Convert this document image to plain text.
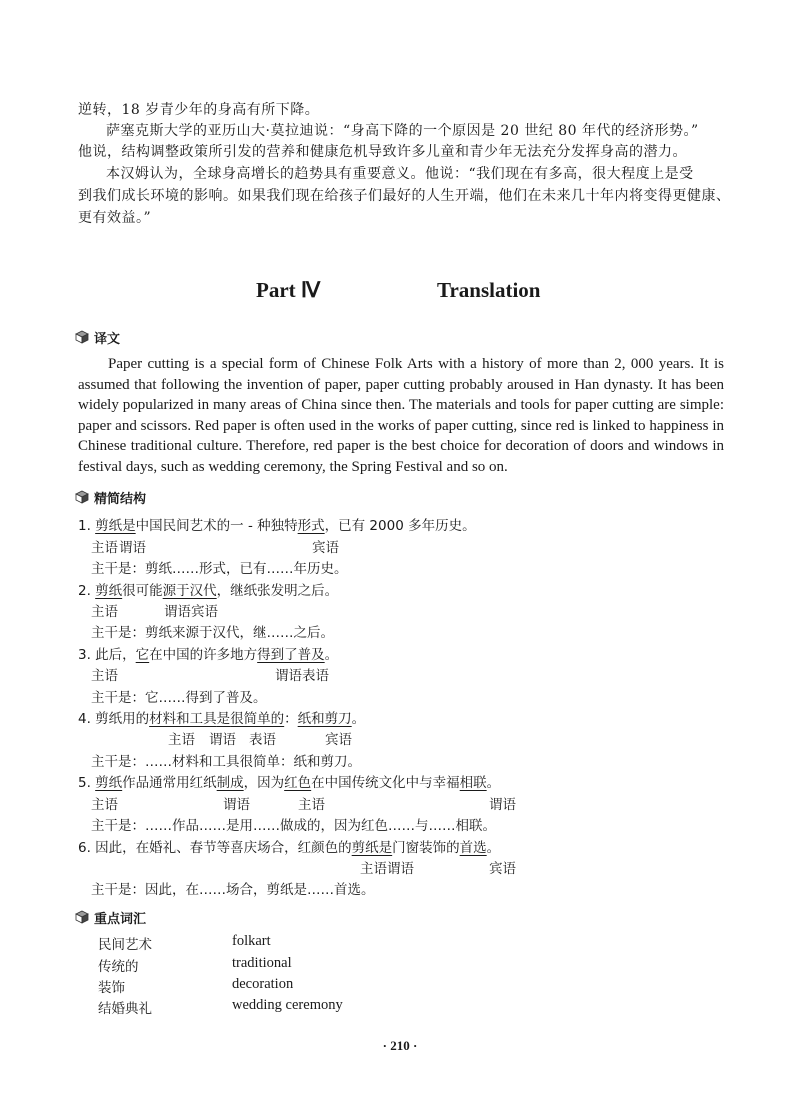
逆转，18 岁青少年的身高有所下降。
萨塞克斯大学的亚历山大·莫拉迪说：“身高下降的一个原因是 20 世纪 80 年代的经济形势。”
他说，结构调整政策所引发的营养和健康危机导致许多儿童和青少年无法充分发挥身高的潜力。
本汉姆认为，全球身高增长的趋势具有重要意义。他说：“我们现在有多高，很大程度上是受
到我们成长环境的影响。如果我们现在给孩子们最好的人生开端，他们在未来几十年内将变得更健康、
更有效益。”
Part Ⅳ	Translation
译文

Paper cutting is a special form of Chinese Folk Arts with a history of more than 2, 000 years. It is assumed that following the invention of paper, paper cutting probably aroused in Han dynasty. It has been widely popularized in many areas of China since then. The materials and tools for paper cutting are simple: paper and scissors. Red paper is often used in the works of paper cutting, since red is linked to happiness in Chinese traditional culture. Therefore, red paper is the best choice for decoration of doors and windows in festival days, such as wedding ceremony, the Spring Festival and so on.

精简结构
1. 剪纸是中国民间艺术的一 - 种独特形式，已有 2000 多年历史。
主语 谓语	宾语
主干是：剪纸……形式，已有……年历史。
2. 剪纸很可能源于汉代，继纸张发明之后。
主语	谓语宾语
主干是：剪纸来源于汉代，继……之后。
3. 此后，它在中国的许多地方得到了普及。
主语	谓语表语
主干是：它……得到了普及。
4. 剪纸用的材料和工具是很简单的：纸和剪刀。
主语 谓语 表语	宾语
主干是：……材料和工具很简单：纸和剪刀。
5. 剪纸作品通常用红纸制成，因为红色在中国传统文化中与幸福相联。
主语	谓语	主语	谓语
主干是：……作品……是用……做成的，因为红色……与……相联。
6. 因此，在婚礼、春节等喜庆场合，红颜色的剪纸是门窗装饰的首选。
主语谓语	宾语
主干是：因此，在……场合，剪纸是……首选。
重点词汇
民间艺术	folkart
传统的	traditional
装饰	decoration
结婚典礼	wedding ceremony
· 210 ·
